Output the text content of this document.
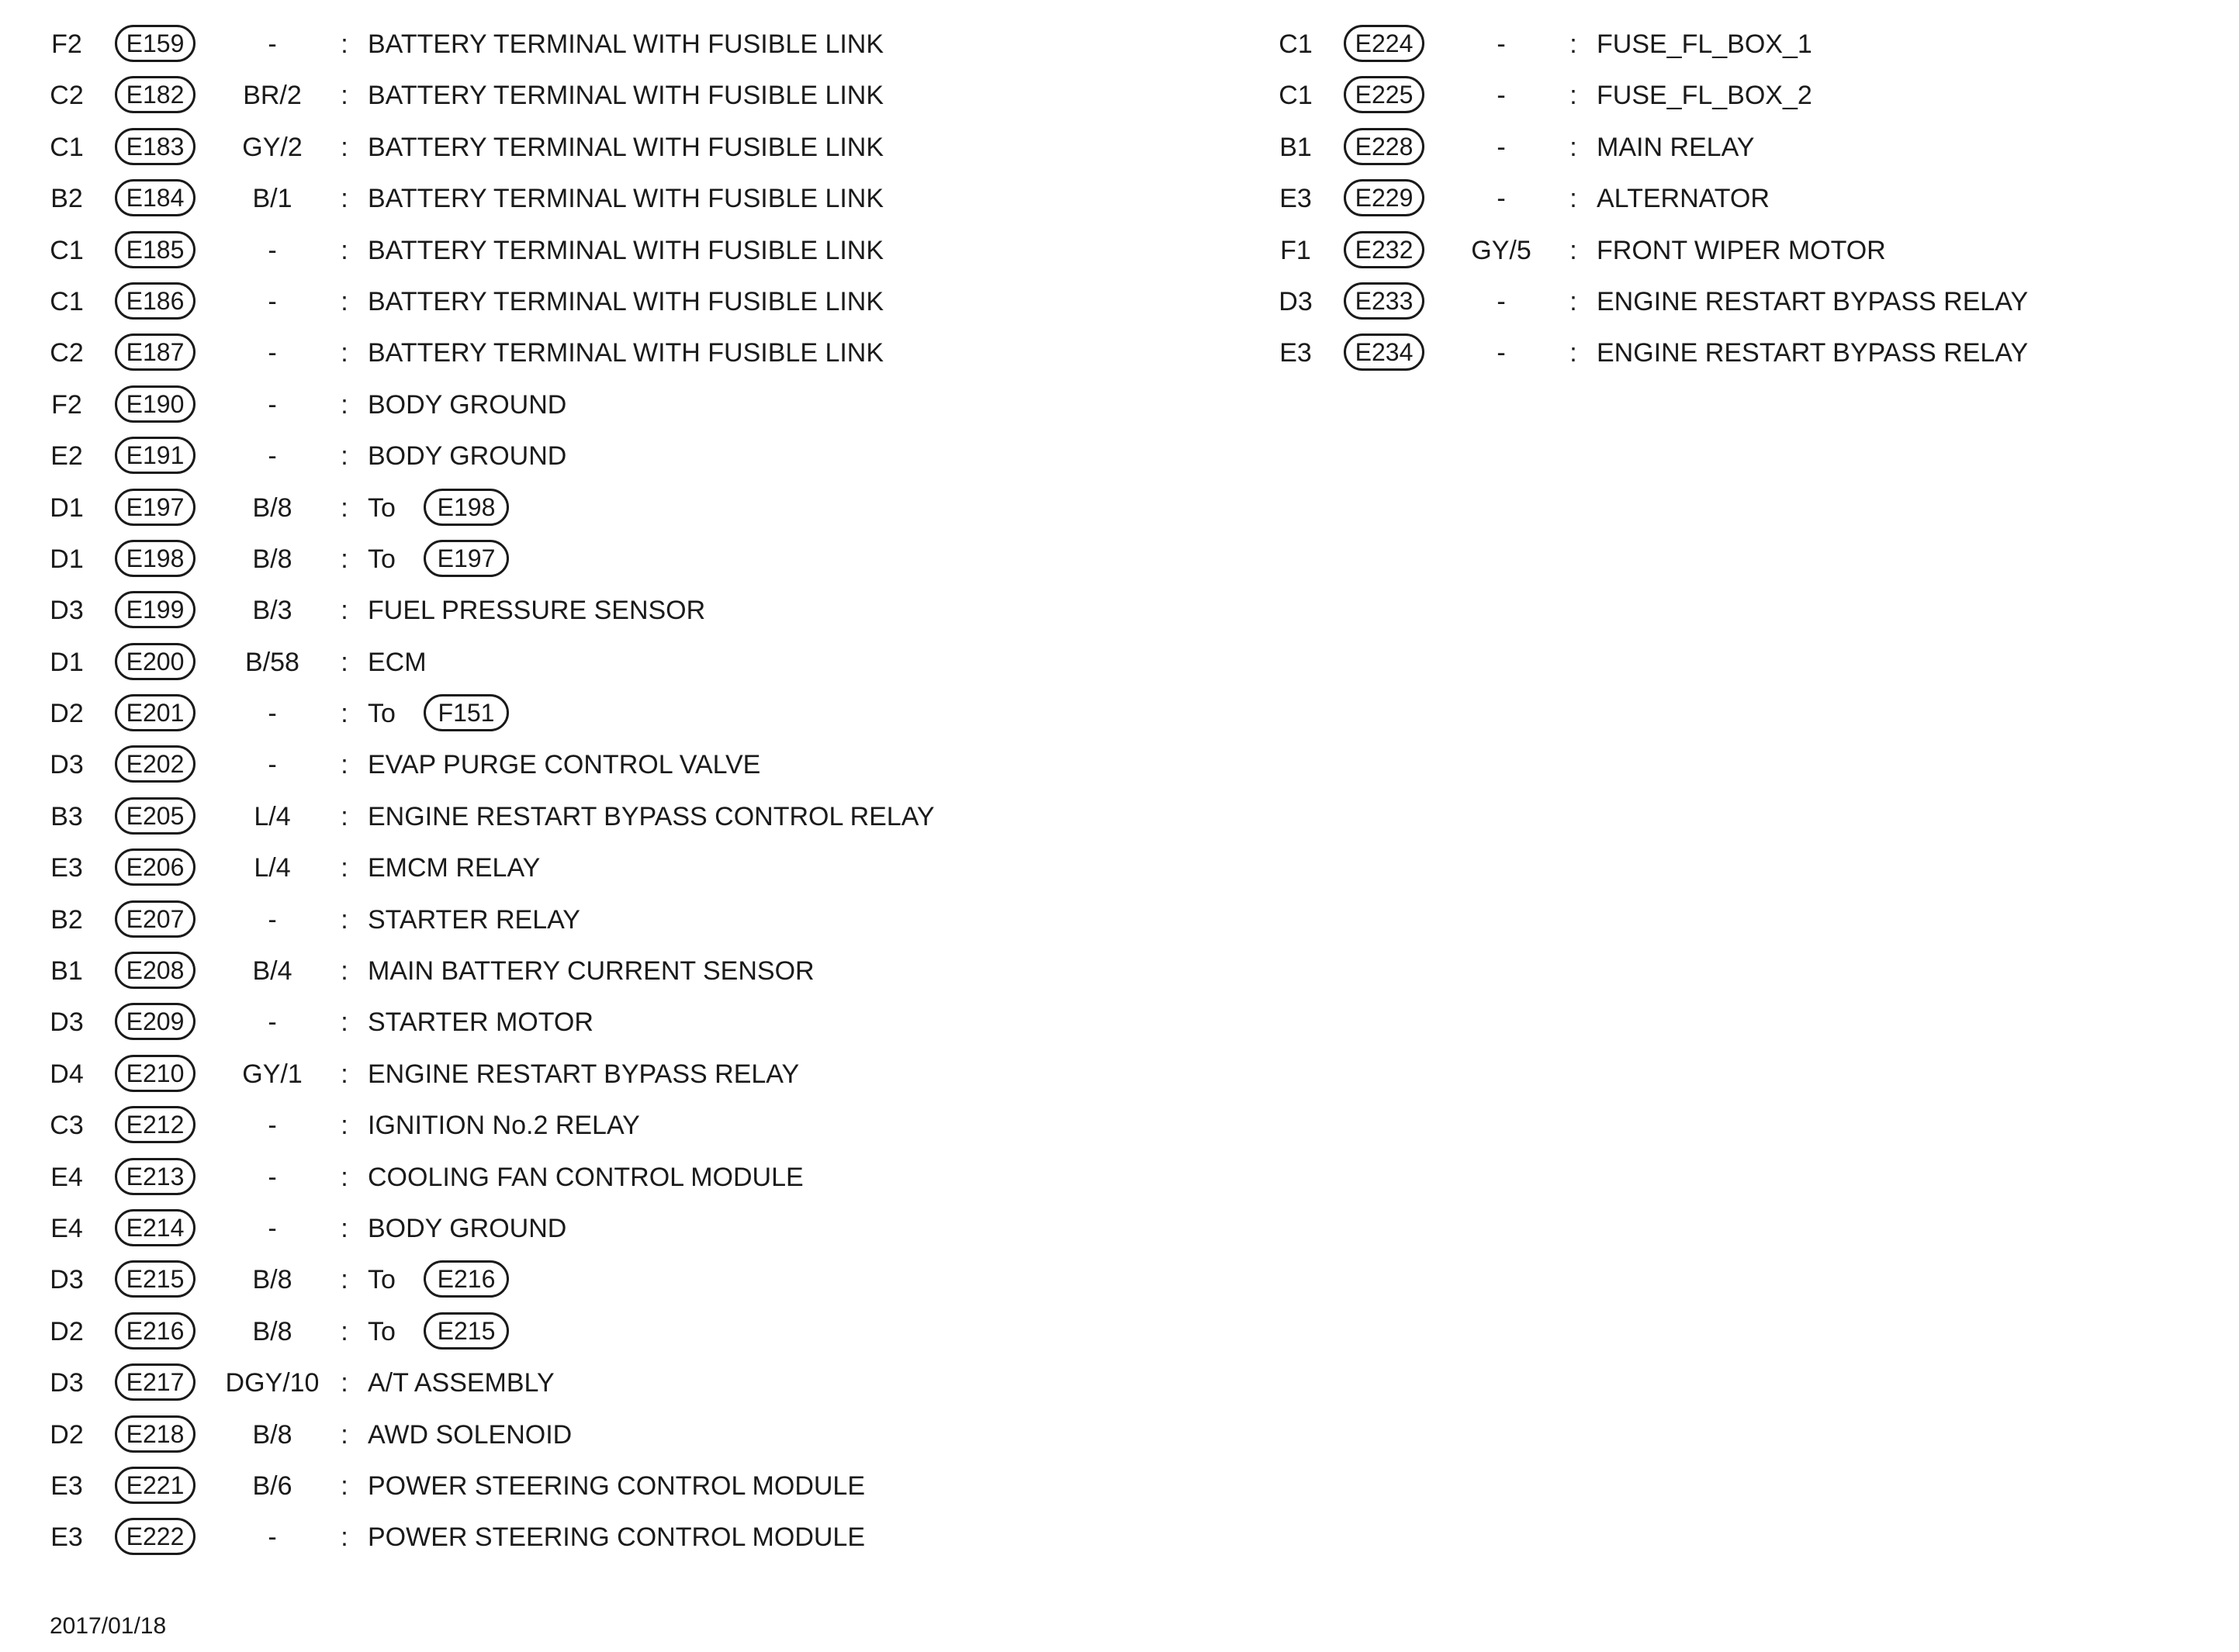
F2	E159	-	: BATTERY TERMINAL WITH FUSIBLE LINK
C2	E182	BR/2	: BATTERY TERMINAL WITH FUSIBLE LINK
C1	E183	GY/2	: BATTERY TERMINAL WITH FUSIBLE LINK
B2	E184	B/1	: BATTERY TERMINAL WITH FUSIBLE LINK
C1	E185	-	: BATTERY TERMINAL WITH FUSIBLE LINK
C1	E186	-	: BATTERY TERMINAL WITH FUSIBLE LINK
C2	E187	-	: BATTERY TERMINAL WITH FUSIBLE LINK
F2	E190	-	: BODY GROUND
E2	E191	-	: BODY GROUND
D1	E197	B/8	: To	E198
D1	E198	B/8	: To	E197
D3	E199	B/3	: FUEL PRESSURE SENSOR
D1	E200	B/58	: ECM
D2	E201	-	: To	F151
D3	E202	-	: EVAP PURGE CONTROL VALVE
B3	E205	L/4	: ENGINE RESTART BYPASS CONTROL RELAY
E3	E206	L/4	: EMCM RELAY
B2	E207	-	: STARTER RELAY
B1	E208	B/4	: MAIN BATTERY CURRENT SENSOR
D3	E209	-	: STARTER MOTOR
D4	E210	GY/1	: ENGINE RESTART BYPASS RELAY
C3	E212	-	: IGNITION No.2 RELAY
E4	E213	-	: COOLING FAN CONTROL MODULE
E4	E214	-	: BODY GROUND
D3	E215	B/8	: To	E216
D2	E216	B/8	: To	E215
D3	E217	DGY/10 : A/T ASSEMBLY
D2	E218	B/8	: AWD SOLENOID
E3	E221	B/6	: POWER STEERING CONTROL MODULE
E3	E222	-	: POWER STEERING CONTROL MODULE
C1	E224	-	: FUSE_FL_BOX_1
C1	E225	-	: FUSE_FL_BOX_2
B1	E228	-	: MAIN RELAY
E3	E229	-	: ALTERNATOR
F1	E232	GY/5	: FRONT WIPER MOTOR
D3	E233	-	: ENGINE RESTART BYPASS RELAY
E3	E234	-	: ENGINE RESTART BYPASS RELAY
2017/01/18
